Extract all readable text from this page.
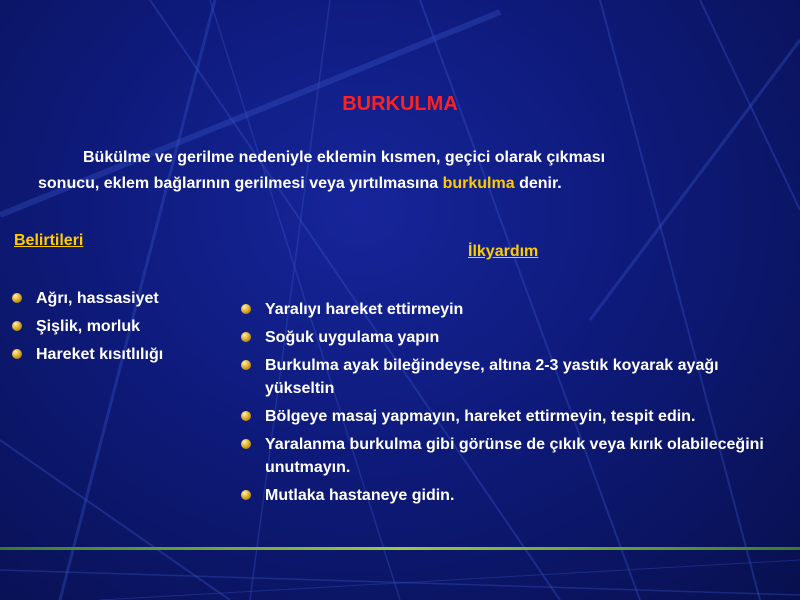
BURKULMA
Bükülme ve gerilme nedeniyle eklemin kısmen, geçici olarak çıkması
sonucu, eklem bağlarının gerilmesi veya yırtılmasına burkulma denir.
Belirtileri
Ağrı, hassasiyet
Şişlik, morluk
Hareket kısıtlılığı
İlkyardım
Yaralıyı hareket ettirmeyin
Soğuk uygulama yapın
Burkulma ayak bileğindeyse, altına 2-3 yastık koyarak ayağı yükseltin
Bölgeye masaj yapmayın, hareket ettirmeyin, tespit edin.
Yaralanma burkulma gibi görünse de çıkık veya kırık olabileceğini unutmayın.
Mutlaka hastaneye gidin.
